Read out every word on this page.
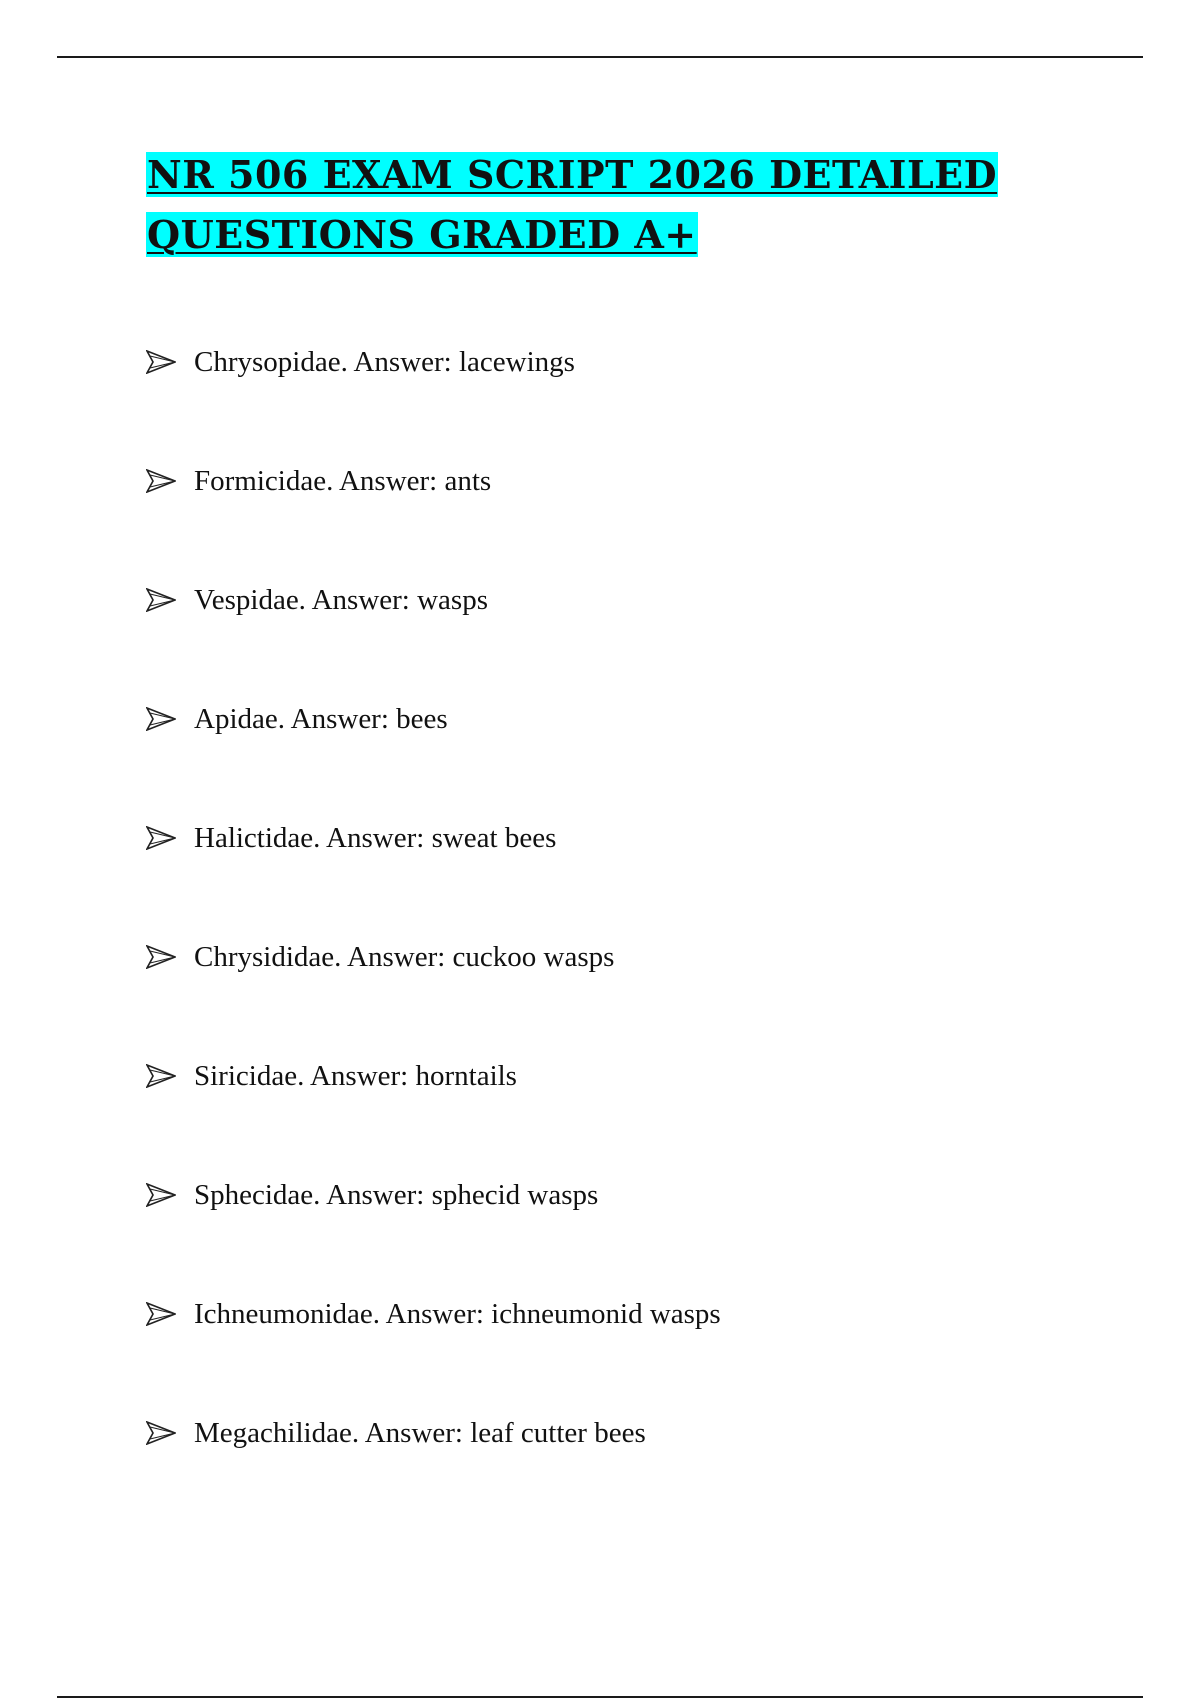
NR 506 EXAM SCRIPT 2026 DETAILED
QUESTIONS GRADED A+
Chrysopidae. Answer: lacewings
Formicidae. Answer: ants
Vespidae. Answer: wasps
Apidae. Answer: bees
Halictidae. Answer: sweat bees
Chrysididae. Answer: cuckoo wasps
Siricidae. Answer: horntails
Sphecidae. Answer: sphecid wasps
Ichneumonidae. Answer: ichneumonid wasps
Megachilidae. Answer: leaf cutter bees
